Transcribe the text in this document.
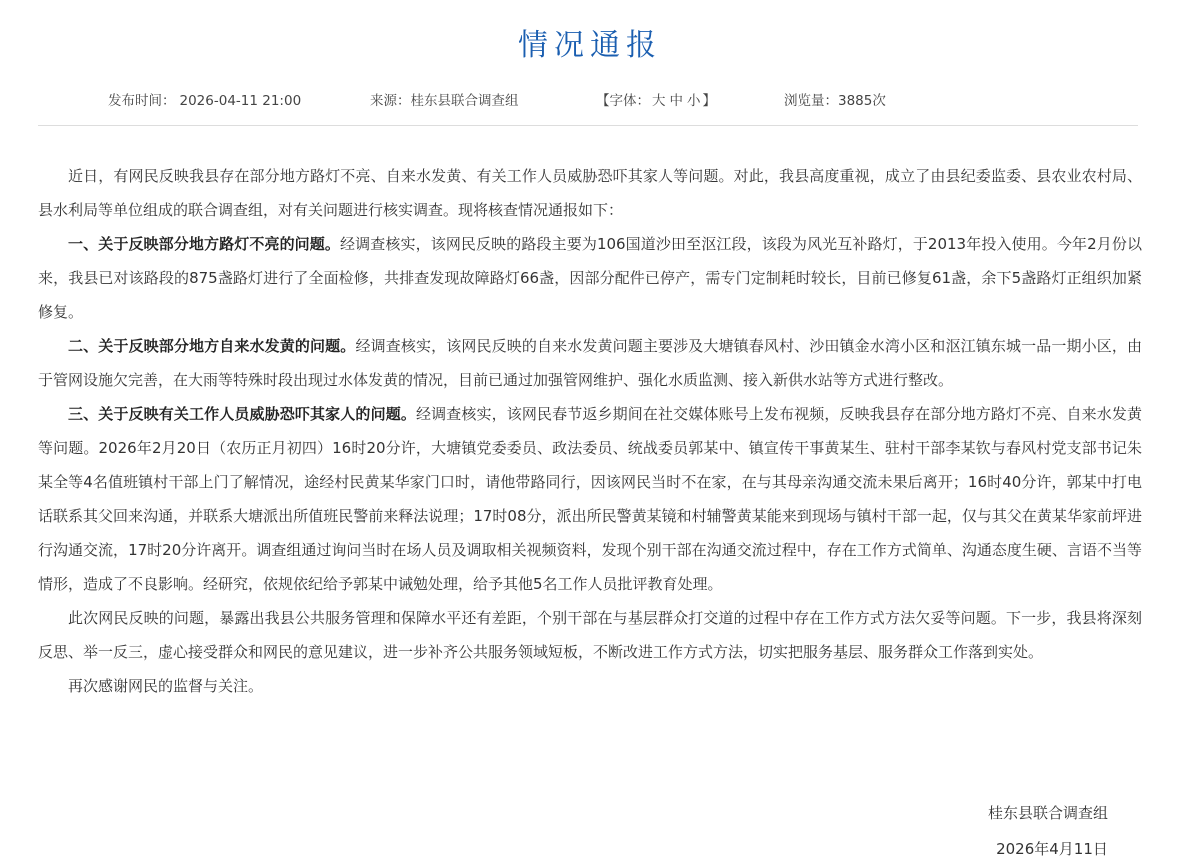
情况通报
发布时间： 2026-04-11 21:00	来源：桂东县联合调查组	【字体： 大 中 小 】	浏览量：3885次

近日，有网民反映我县存在部分地方路灯不亮、自来水发黄、有关工作人员威胁恐吓其家人等问题。对此，我县高度重视，成立了由县纪委监委、县农业农村局、县水利局等单位组成的联合调查组，对有关问题进行核实调查。现将核查情况通报如下：

一、关于反映部分地方路灯不亮的问题。经调查核实，该网民反映的路段主要为106国道沙田至沤江段，该段为风光互补路灯，于2013年投入使用。今年2月份以来，我县已对该路段的875盏路灯进行了全面检修，共排查发现故障路灯66盏，因部分配件已停产，需专门定制耗时较长，目前已修复61盏，余下5盏路灯正组织加紧修复。

二、关于反映部分地方自来水发黄的问题。经调查核实，该网民反映的自来水发黄问题主要涉及大塘镇春风村、沙田镇金水湾小区和沤江镇东城一品一期小区，由于管网设施欠完善，在大雨等特殊时段出现过水体发黄的情况，目前已通过加强管网维护、强化水质监测、接入新供水站等方式进行整改。

三、关于反映有关工作人员威胁恐吓其家人的问题。经调查核实，该网民春节返乡期间在社交媒体账号上发布视频，反映我县存在部分地方路灯不亮、自来水发黄等问题。2026年2月20日（农历正月初四）16时20分许，大塘镇党委委员、政法委员、统战委员郭某中、镇宣传干事黄某生、驻村干部李某钦与春风村党支部书记朱某全等4名值班镇村干部上门了解情况，途经村民黄某华家门口时，请他带路同行，因该网民当时不在家，在与其母亲沟通交流未果后离开；16时40分许，郭某中打电话联系其父回来沟通，并联系大塘派出所值班民警前来释法说理；17时08分，派出所民警黄某镜和村辅警黄某能来到现场与镇村干部一起，仅与其父在黄某华家前坪进行沟通交流，17时20分许离开。调查组通过询问当时在场人员及调取相关视频资料，发现个别干部在沟通交流过程中，存在工作方式简单、沟通态度生硬、言语不当等情形，造成了不良影响。经研究，依规依纪给予郭某中诫勉处理，给予其他5名工作人员批评教育处理。

此次网民反映的问题，暴露出我县公共服务管理和保障水平还有差距，个别干部在与基层群众打交道的过程中存在工作方式方法欠妥等问题。下一步，我县将深刻反思、举一反三，虚心接受群众和网民的意见建议，进一步补齐公共服务领域短板，不断改进工作方式方法，切实把服务基层、服务群众工作落到实处。

再次感谢网民的监督与关注。

桂东县联合调查组
2026年4月11日
